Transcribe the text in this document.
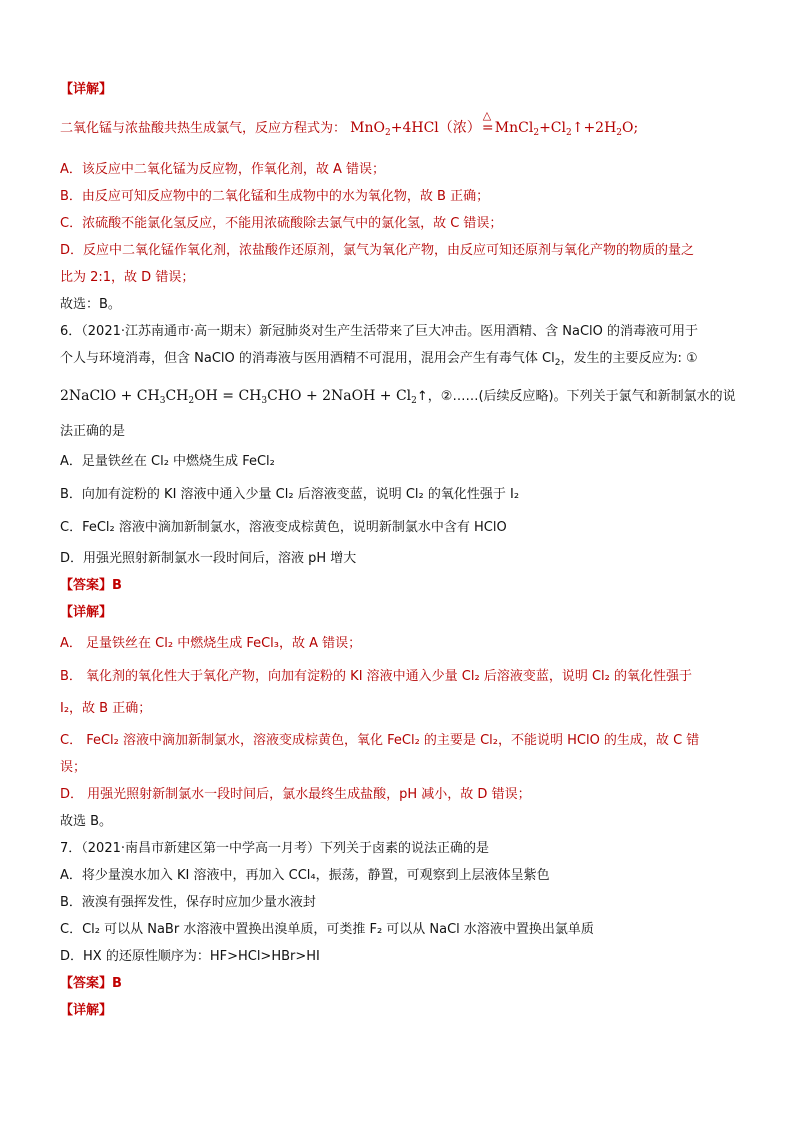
【详解】
二氧化锰与浓盐酸共热生成氯气，反应方程式为： MnO$_2$+4HCl（浓）
△
$=MnCl_2+Cl_2↑+2H_2O$;
A．该反应中二氧化锰为反应物，作氧化剂，故 A 错误；
B．由反应可知反应物中的二氧化锰和生成物中的水为氧化物，故 B 正确；
C．浓硫酸不能氯化氢反应，不能用浓硫酸除去氯气中的氯化氢，故 C 错误；
D．反应中二氧化锰作氧化剂，浓盐酸作还原剂，氯气为氧化产物，由反应可知还原剂与氧化产物的物质的量之
比为 2:1，故 D 错误；
故选：B。
6．（2021·江苏南通市·高一期末）新冠肺炎对生产生活带来了巨大冲击。医用酒精、含 NaClO 的消毒液可用于
个人与环境消毒，但含 NaClO 的消毒液与医用酒精不可混用，混用会产生有毒气体 $Cl_2$，发生的主要反应为: ①
2NaClO + $CH_3CH_2OH = CH_3CHO$ + 2NaOH + $Cl_2↑$，②……(后续反应略)。下列关于氯气和新制氯水的说
法正确的是
A．足量铁丝在 Cl₂ 中燃烧生成 FeCl₂
B．向加有淀粉的 KI 溶液中通入少量 Cl₂ 后溶液变蓝，说明 Cl₂ 的氧化性强于 I₂
C．FeCl₂ 溶液中滴加新制氯水，溶液变成棕黄色，说明新制氯水中含有 HClO
D．用强光照射新制氯水一段时间后，溶液 pH 增大
【答案】B
【详解】
A． 足量铁丝在 Cl₂ 中燃烧生成 FeCl₃，故 A 错误；
B． 氧化剂的氧化性大于氧化产物，向加有淀粉的 KI 溶液中通入少量 Cl₂ 后溶液变蓝，说明 Cl₂ 的氧化性强于
I₂，故 B 正确；
C． FeCl₂ 溶液中滴加新制氯水，溶液变成棕黄色，氧化 FeCl₂ 的主要是 Cl₂，不能说明 HClO 的生成，故 C 错
误；
D． 用强光照射新制氯水一段时间后，氯水最终生成盐酸，pH 减小，故 D 错误；
故选 B。
7．（2021·南昌市新建区第一中学高一月考）下列关于卤素的说法正确的是
A．将少量溴水加入 KI 溶液中，再加入 CCl₄，振荡，静置，可观察到上层液体呈紫色
B．液溴有强挥发性，保存时应加少量水液封
C．Cl₂ 可以从 NaBr 水溶液中置换出溴单质，可类推 F₂ 可以从 NaCl 水溶液中置换出氯单质
D．HX 的还原性顺序为：HF>HCl>HBr>HI
【答案】B
【详解】
